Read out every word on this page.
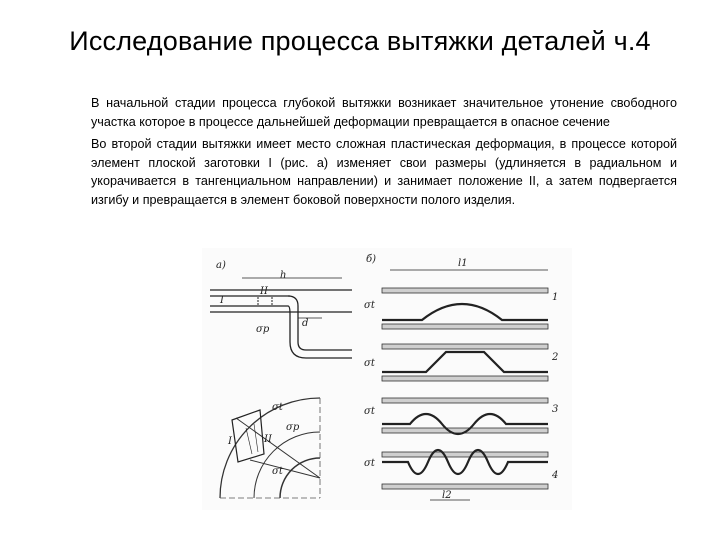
Исследование процесса вытяжки деталей ч.4

В начальной стадии процесса глубокой вытяжки возникает значительное утонение свободного участка которое в процессе дальнейшей деформации превращается в опасное сечение

Во второй стадии вытяжки имеет место сложная пластическая деформация, в процессе которой элемент плоской заготовки I (рис. а) изменяет свои размеры (удлиняется в радиальном и укорачивается в тангенциальном направлении) и занимает положение II, а затем подвергается изгибу и превращается в элемент боковой поверхности полого изделия.

а)
I
II
h
d
σр
I	II
σt
σt
σр
б)	l1
σt
1
σt
2
σt	3
σt
4
l2
